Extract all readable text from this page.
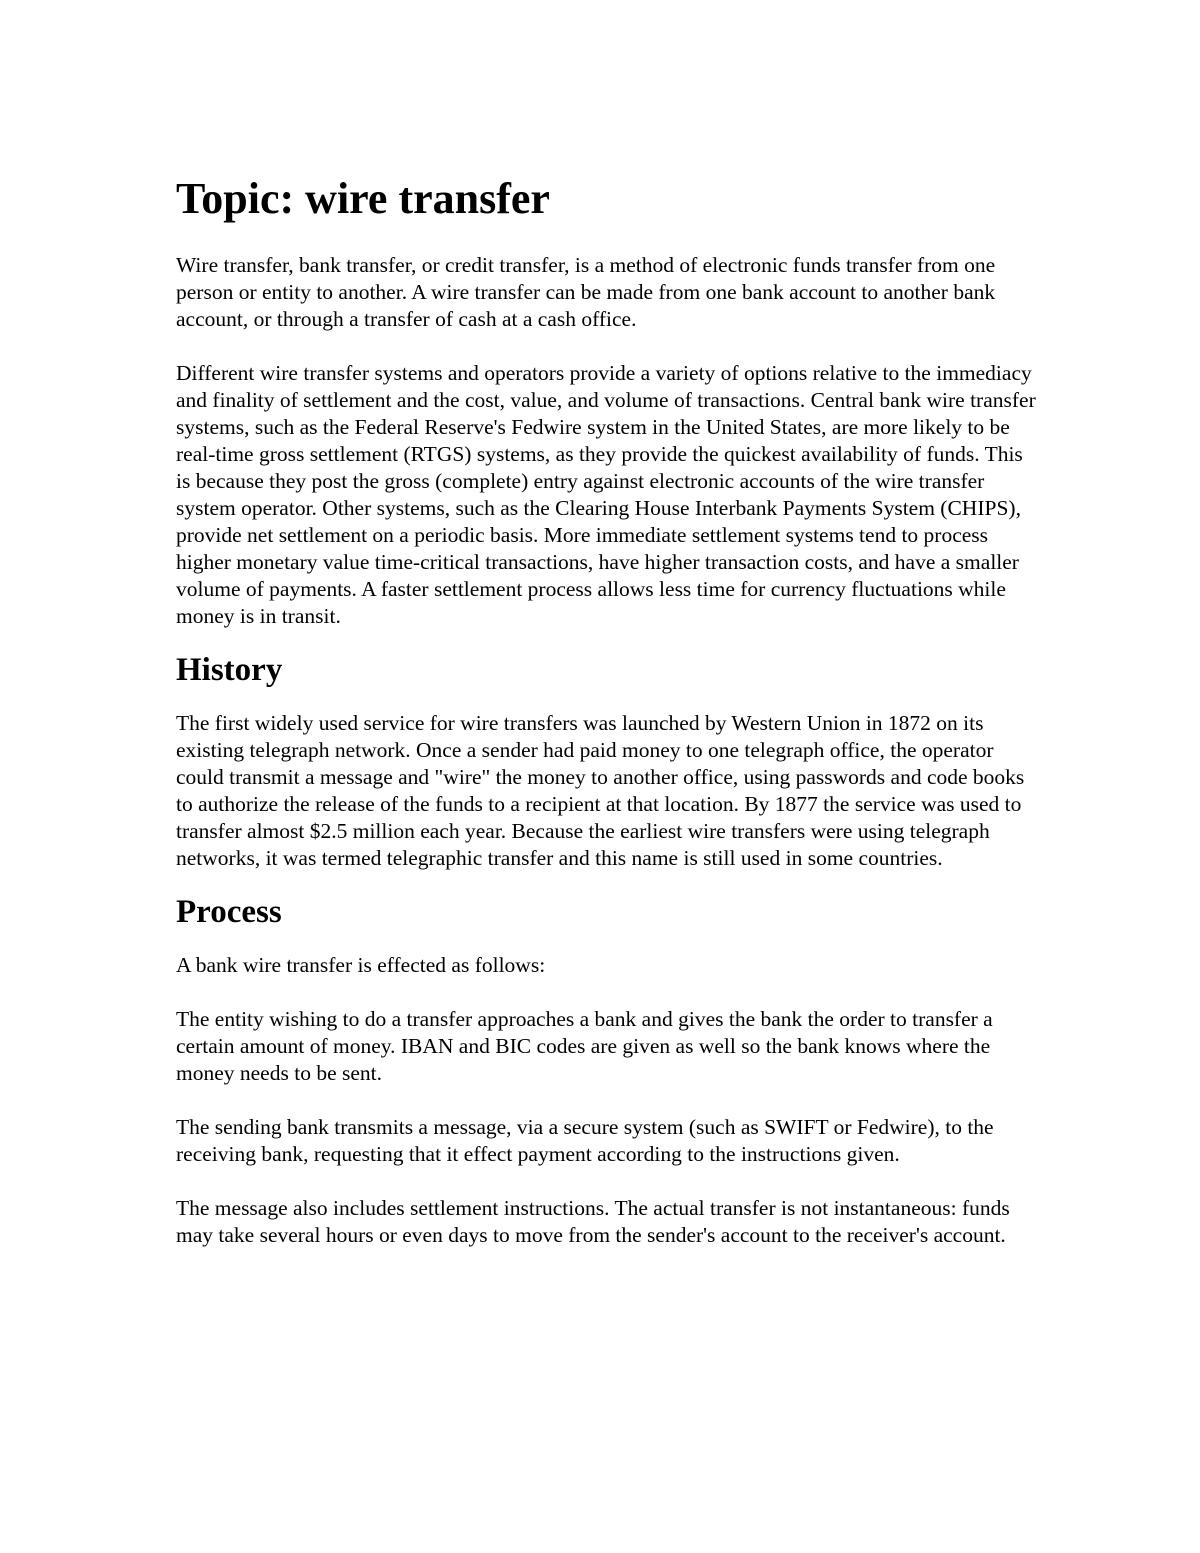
Topic: wire transfer

Wire transfer, bank transfer, or credit transfer, is a method of electronic funds transfer from one person or entity to another. A wire transfer can be made from one bank account to another bank account, or through a transfer of cash at a cash office.

Different wire transfer systems and operators provide a variety of options relative to the immediacy and finality of settlement and the cost, value, and volume of transactions. Central bank wire transfer systems, such as the Federal Reserve's Fedwire system in the United States, are more likely to be real-time gross settlement (RTGS) systems, as they provide the quickest availability of funds. This is because they post the gross (complete) entry against electronic accounts of the wire transfer system operator. Other systems, such as the Clearing House Interbank Payments System (CHIPS), provide net settlement on a periodic basis. More immediate settlement systems tend to process higher monetary value time-critical transactions, have higher transaction costs, and have a smaller volume of payments. A faster settlement process allows less time for currency fluctuations while money is in transit.

History

The first widely used service for wire transfers was launched by Western Union in 1872 on its existing telegraph network. Once a sender had paid money to one telegraph office, the operator could transmit a message and "wire" the money to another office, using passwords and code books to authorize the release of the funds to a recipient at that location. By 1877 the service was used to transfer almost $2.5 million each year. Because the earliest wire transfers were using telegraph networks, it was termed telegraphic transfer and this name is still used in some countries.

Process

A bank wire transfer is effected as follows:

The entity wishing to do a transfer approaches a bank and gives the bank the order to transfer a certain amount of money. IBAN and BIC codes are given as well so the bank knows where the money needs to be sent.

The sending bank transmits a message, via a secure system (such as SWIFT or Fedwire), to the receiving bank, requesting that it effect payment according to the instructions given.

The message also includes settlement instructions. The actual transfer is not instantaneous: funds may take several hours or even days to move from the sender's account to the receiver's account.
